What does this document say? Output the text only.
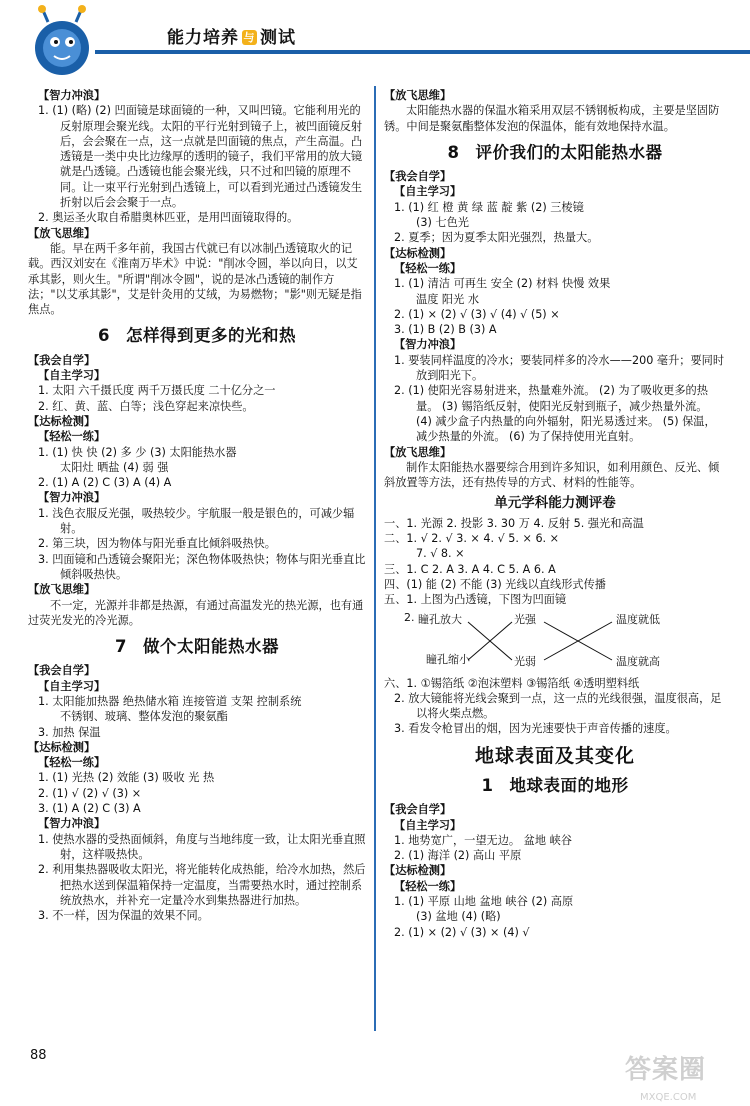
能力培养 与 测试

【智力冲浪】

1. (1) (略) (2) 凹面镜是球面镜的一种，又叫凹镜。它能利用光的反射原理会聚光线。太阳的平行光射到镜子上，被凹面镜反射后，会会聚在一点，这一点就是凹面镜的焦点，产生高温。凸透镜是一类中央比边缘厚的透明的镜子，我们平常用的放大镜就是凸透镜。凸透镜也能会聚光线，只不过和凹镜的原理不同。让一束平行光射到凸透镜上，可以看到光通过凸透镜发生折射以后会会聚于一点。

2. 奥运圣火取自希腊奥林匹亚，是用凹面镜取得的。

【放飞思维】

能。早在两千多年前，我国古代就已有以冰制凸透镜取火的记载。西汉刘安在《淮南万毕术》中说："削冰令圆，举以向日，以艾承其影，则火生。"所谓"削冰令圆"，说的是冰凸透镜的制作方法；"以艾承其影"，艾是针灸用的艾绒，为易燃物；"影"则无疑是指焦点。

6 怎样得到更多的光和热

【我会自学】

【自主学习】

1. 太阳 六千摄氏度 两千万摄氏度 二十亿分之一

2. 红、黄、蓝、白等；浅色穿起来凉快些。

【达标检测】

【轻松一练】

1. (1) 快 快 (2) 多 少 (3) 太阳能热水器

太阳灶 晒盐 (4) 弱 强

2. (1) A (2) C (3) A (4) A

【智力冲浪】

1. 浅色衣服反光强，吸热较少。宇航服一般是银色的，可减少辐射。

2. 第三块，因为物体与阳光垂直比倾斜吸热快。

3. 凹面镜和凸透镜会聚阳光；深色物体吸热快；物体与阳光垂直比倾斜吸热快。

【放飞思维】

不一定，光源并非都是热源，有通过高温发光的热光源，也有通过荧光发光的冷光源。

7 做个太阳能热水器

【我会自学】

【自主学习】

1. 太阳能加热器 绝热储水箱 连接管道 支架 控制系统

不锈钢、玻璃、整体发泡的聚氨酯

3. 加热 保温

【达标检测】

【轻松一练】

1. (1) 光热 (2) 效能 (3) 吸收 光 热

2. (1) √ (2) √ (3) ×

3. (1) A (2) C (3) A

【智力冲浪】

1. 使热水器的受热面倾斜，角度与当地纬度一致，让太阳光垂直照射，这样吸热快。

2. 利用集热器吸收太阳光，将光能转化成热能，给冷水加热，然后把热水送到保温箱保持一定温度，当需要热水时，通过控制系统放热水，并补充一定量冷水到集热器进行加热。

3. 不一样，因为保温的效果不同。

【放飞思维】

太阳能热水器的保温水箱采用双层不锈钢板构成，主要是坚固防锈。中间是聚氨酯整体发泡的保温体，能有效地保持水温。

8 评价我们的太阳能热水器

【我会自学】

【自主学习】

1. (1) 红 橙 黄 绿 蓝 靛 紫 (2) 三棱镜

(3) 七色光

2. 夏季；因为夏季太阳光强烈，热量大。

【达标检测】

【轻松一练】

1. (1) 清洁 可再生 安全 (2) 材料 快慢 效果

温度 阳光 水

2. (1) × (2) √ (3) √ (4) √ (5) ×

3. (1) B (2) B (3) A

【智力冲浪】

1. 要装同样温度的冷水；要装同样多的冷水——200 毫升；要同时放到阳光下。

2. (1) 使阳光容易射进来，热量难外流。 (2) 为了吸收更多的热量。 (3) 锡箔纸反射，使阳光反射到瓶子，减少热量外流。 (4) 减少盒子内热量的向外辐射，阳光易透过来。 (5) 保温，减少热量的外流。 (6) 为了保持使用光直射。

【放飞思维】

制作太阳能热水器要综合用到许多知识，如利用颜色、反光、倾斜放置等方法，还有热传导的方式、材料的性能等。

单元学科能力测评卷

一、1. 光源 2. 投影 3. 30 万 4. 反射 5. 强光和高温

二、1. √ 2. √ 3. × 4. √ 5. × 6. ×

7. √ 8. ×

三、1. C 2. A 3. A 4. C 5. A 6. A

四、(1) 能 (2) 不能 (3) 光线以直线形式传播

五、1. 上图为凸透镜，下图为凹面镜

2. 瞳孔放大	光强	温度就低
瞳孔缩小	光弱	温度就高

六、1. ①锡箔纸 ②泡沫塑料 ③锡箔纸 ④透明塑料纸

2. 放大镜能将光线会聚到一点，这一点的光线很强，温度很高，足以将火柴点燃。

3. 看发令枪冒出的烟，因为光速要快于声音传播的速度。

地球表面及其变化
1 地球表面的地形

【我会自学】

【自主学习】

1. 地势宽广，一望无边。 盆地 峡谷

2. (1) 海洋 (2) 高山 平原

【达标检测】

【轻松一练】

1. (1) 平原 山地 盆地 峡谷 (2) 高原

(3) 盆地 (4) (略)

2. (1) × (2) √ (3) × (4) √

88	答案圈
MXQE.COM
